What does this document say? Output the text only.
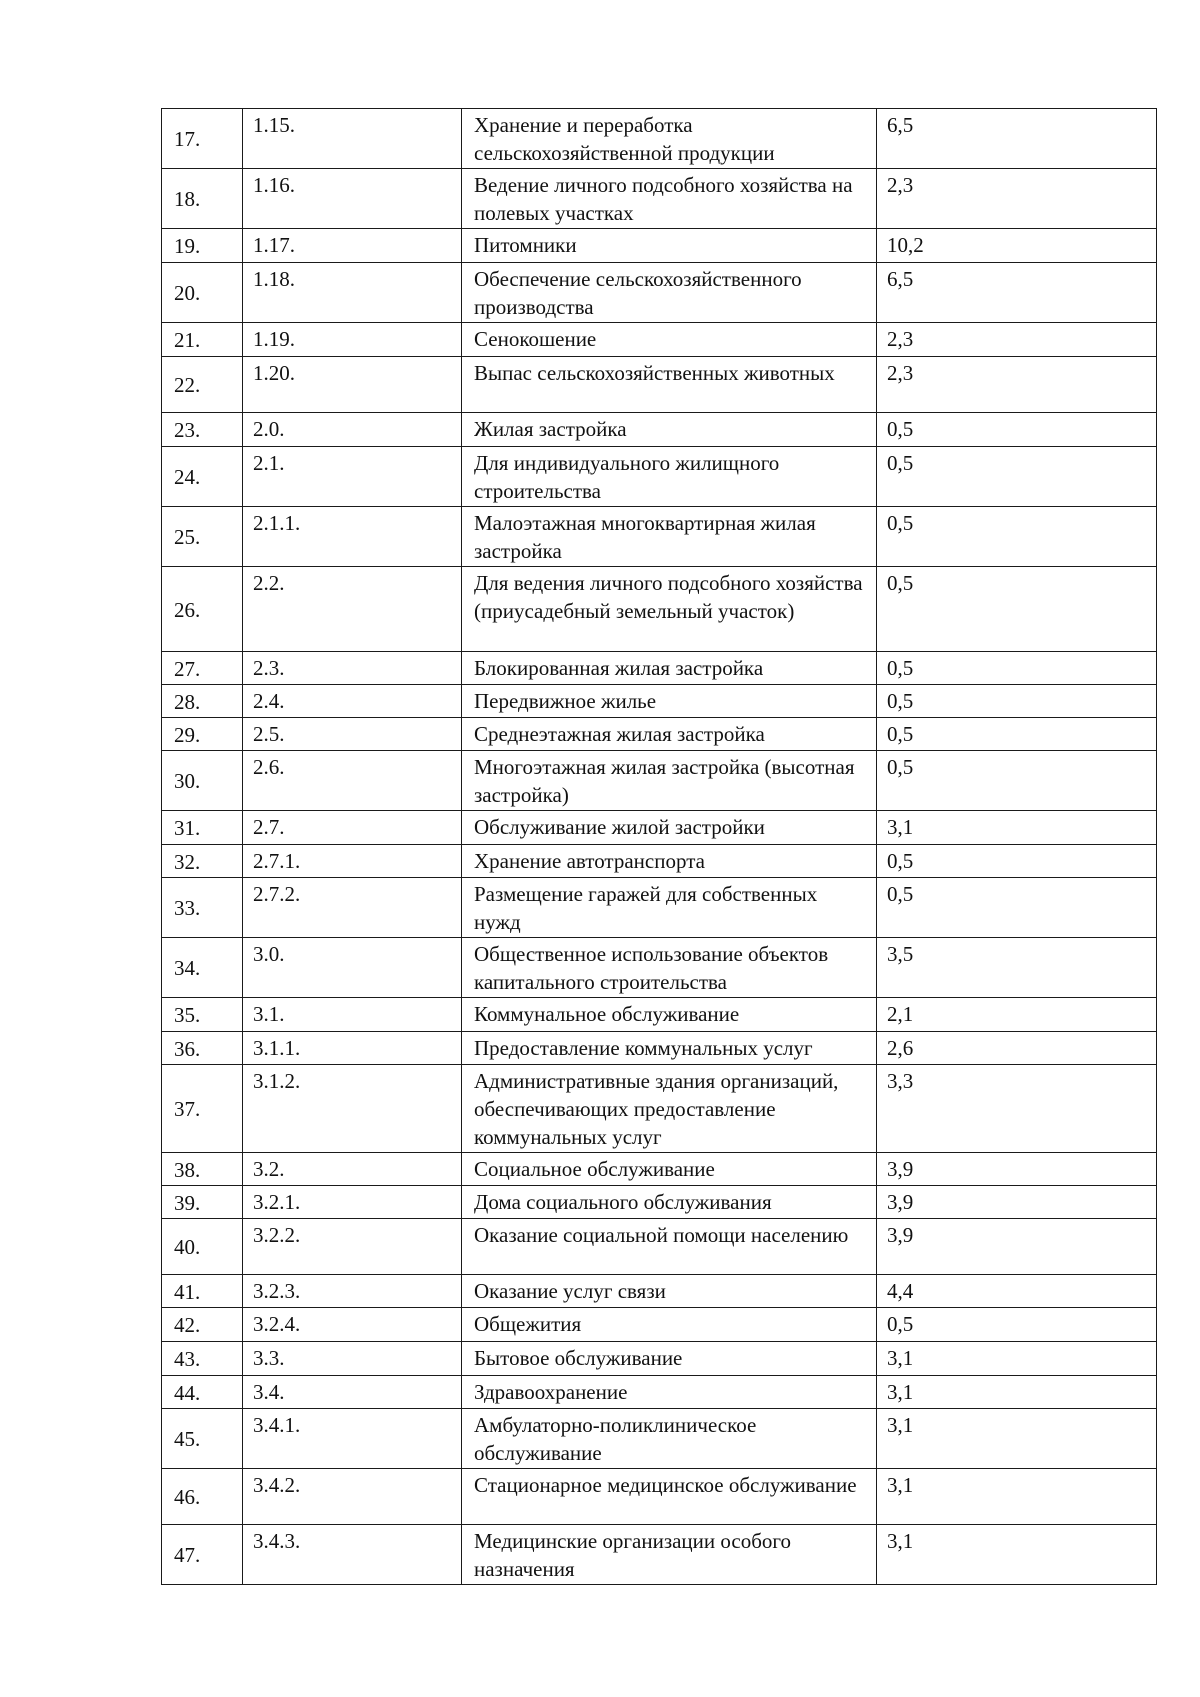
17.	1.15.	Хранение и переработка сельскохозяйственной продукции	6,5
18.	1.16.	Ведение личного подсобного хозяйства на полевых участках	2,3
19.	1.17.	Питомники	10,2
20.	1.18.	Обеспечение сельскохозяйственного производства	6,5
21.	1.19.	Сенокошение	2,3
22.	1.20.	Выпас сельскохозяйственных животных	2,3
23.	2.0.	Жилая застройка	0,5
24.	2.1.	Для индивидуального жилищного строительства	0,5
25.	2.1.1.	Малоэтажная многоквартирная жилая застройка	0,5
26.	2.2.	Для ведения личного подсобного хозяйства (приусадебный земельный участок)	0,5
27.	2.3.	Блокированная жилая застройка	0,5
28.	2.4.	Передвижное жилье	0,5
29.	2.5.	Среднеэтажная жилая застройка	0,5
30.	2.6.	Многоэтажная жилая застройка (высотная застройка)	0,5
31.	2.7.	Обслуживание жилой застройки	3,1
32.	2.7.1.	Хранение автотранспорта	0,5
33.	2.7.2.	Размещение гаражей для собственных нужд	0,5
34.	3.0.	Общественное использование объектов капитального строительства	3,5
35.	3.1.	Коммунальное обслуживание	2,1
36.	3.1.1.	Предоставление коммунальных услуг	2,6
37.	3.1.2.	Административные здания организаций, обеспечивающих предоставление коммунальных услуг	3,3
38.	3.2.	Социальное обслуживание	3,9
39.	3.2.1.	Дома социального обслуживания	3,9
40.	3.2.2.	Оказание социальной помощи населению	3,9
41.	3.2.3.	Оказание услуг связи	4,4
42.	3.2.4.	Общежития	0,5
43.	3.3.	Бытовое обслуживание	3,1
44.	3.4.	Здравоохранение	3,1
45.	3.4.1.	Амбулаторно-поликлиническое обслуживание	3,1
46.	3.4.2.	Стационарное медицинское обслуживание	3,1
47.	3.4.3.	Медицинские организации особого назначения	3,1
